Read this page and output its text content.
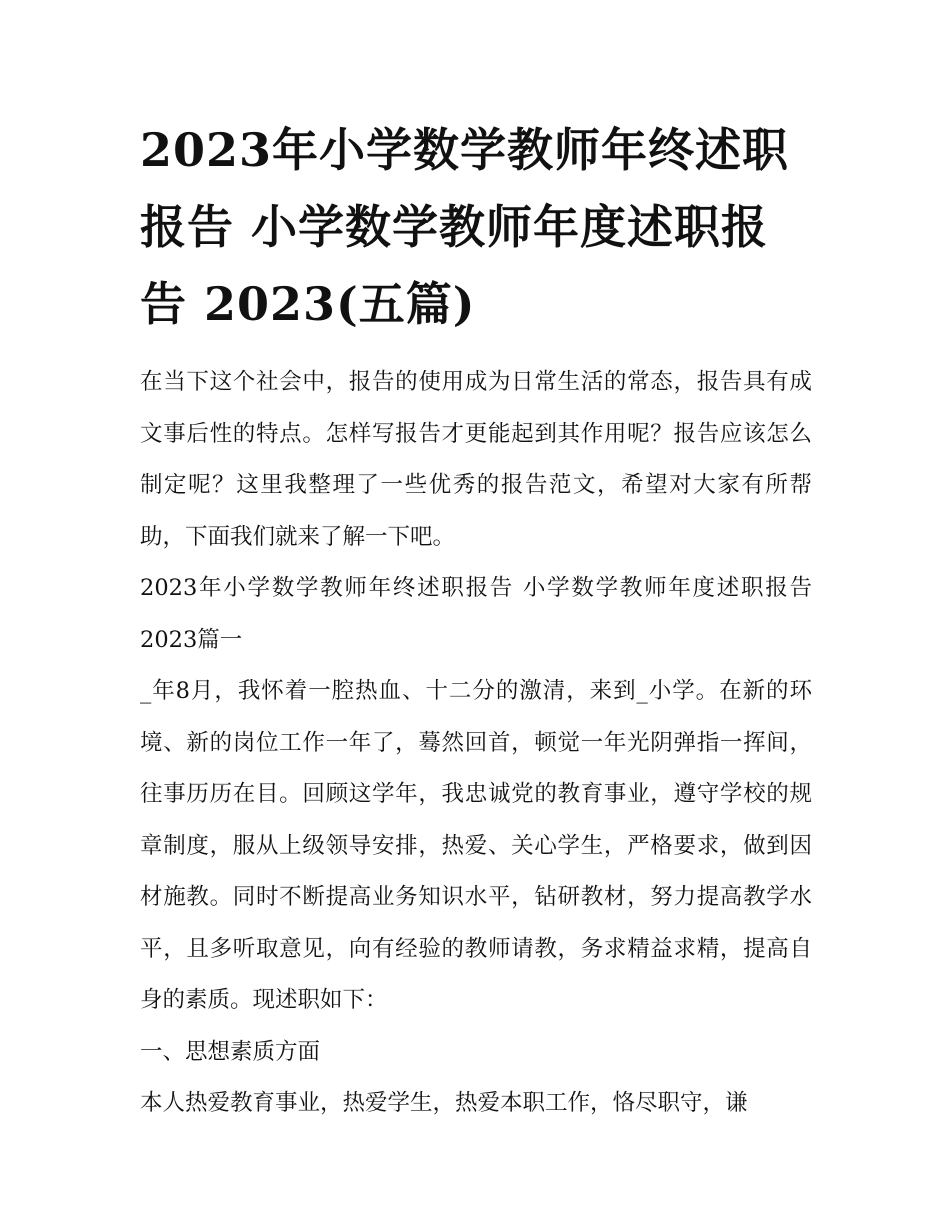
2023年小学数学教师年终述职报告 小学数学教师年度述职报告 2023(五篇)

在当下这个社会中，报告的使用成为日常生活的常态，报告具有成文事后性的特点。怎样写报告才更能起到其作用呢？报告应该怎么制定呢？这里我整理了一些优秀的报告范文，希望对大家有所帮助，下面我们就来了解一下吧。

2023年小学数学教师年终述职报告 小学数学教师年度述职报告 2023篇一

_年8月，我怀着一腔热血、十二分的激清，来到_小学。在新的环境、新的岗位工作一年了，蓦然回首，顿觉一年光阴弹指一挥间，往事历历在目。回顾这学年，我忠诚党的教育事业，遵守学校的规章制度，服从上级领导安排，热爱、关心学生，严格要求，做到因材施教。同时不断提高业务知识水平，钻研教材，努力提高教学水平，且多听取意见，向有经验的教师请教，务求精益求精，提高自身的素质。现述职如下：

一、思想素质方面

本人热爱教育事业，热爱学生，热爱本职工作，恪尽职守，谦
